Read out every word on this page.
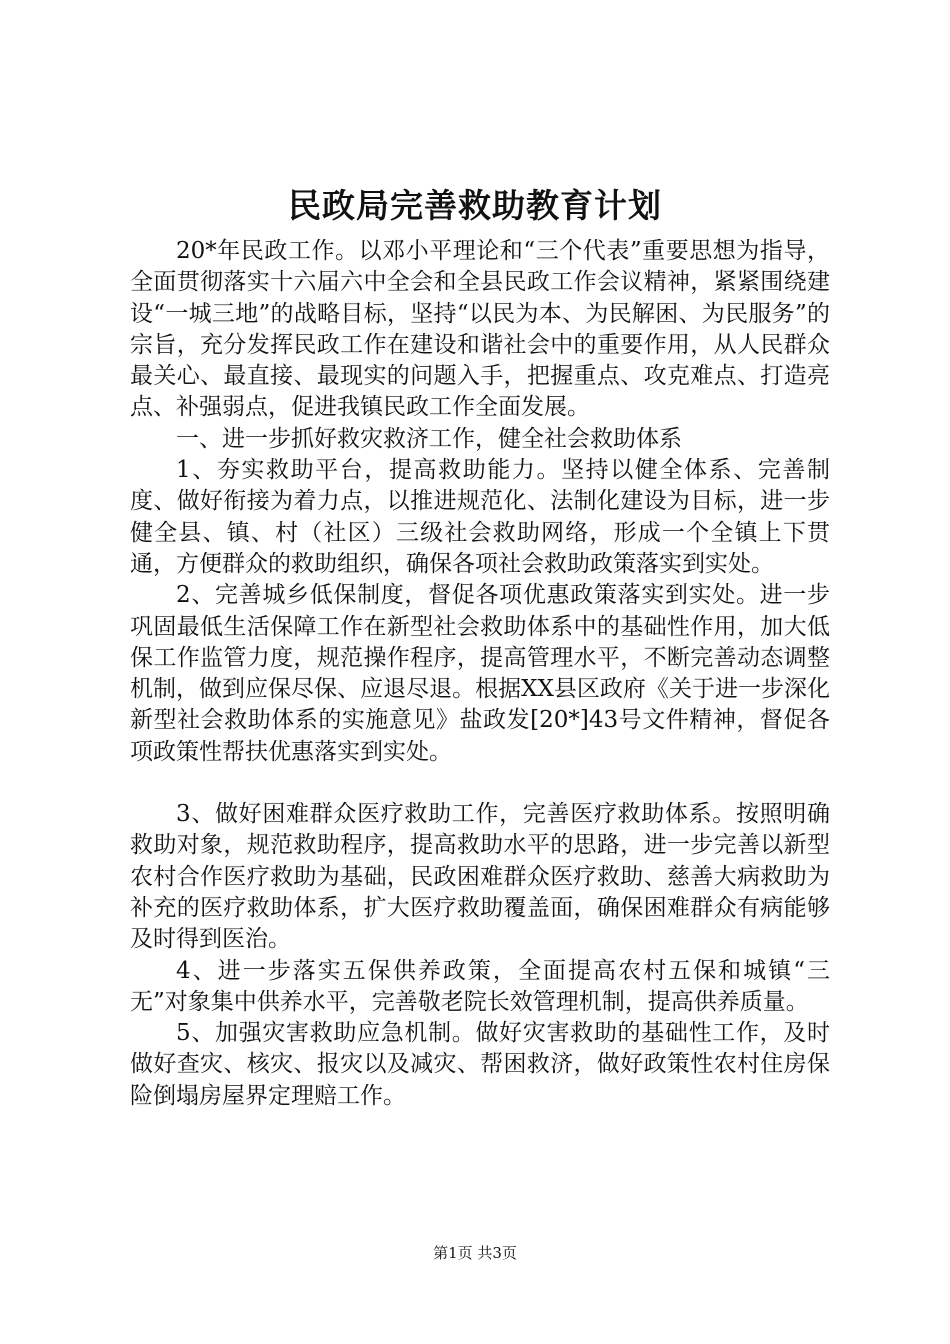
民政局完善救助教育计划

20*年民政工作。以邓小平理论和“三个代表”重要思想为指导，全面贯彻落实十六届六中全会和全县民政工作会议精神，紧紧围绕建设“一城三地”的战略目标，坚持“以民为本、为民解困、为民服务”的宗旨，充分发挥民政工作在建设和谐社会中的重要作用，从人民群众最关心、最直接、最现实的问题入手，把握重点、攻克难点、打造亮点、补强弱点，促进我镇民政工作全面发展。

一、进一步抓好救灾救济工作，健全社会救助体系

1、夯实救助平台，提高救助能力。坚持以健全体系、完善制度、做好衔接为着力点，以推进规范化、法制化建设为目标，进一步健全县、镇、村（社区）三级社会救助网络，形成一个全镇上下贯通，方便群众的救助组织，确保各项社会救助政策落实到实处。

2、完善城乡低保制度，督促各项优惠政策落实到实处。进一步巩固最低生活保障工作在新型社会救助体系中的基础性作用，加大低保工作监管力度，规范操作程序，提高管理水平，不断完善动态调整机制，做到应保尽保、应退尽退。根据XX县区政府《关于进一步深化新型社会救助体系的实施意见》盐政发[20*]43号文件精神，督促各项政策性帮扶优惠落实到实处。

3、做好困难群众医疗救助工作，完善医疗救助体系。按照明确救助对象，规范救助程序，提高救助水平的思路，进一步完善以新型农村合作医疗救助为基础，民政困难群众医疗救助、慈善大病救助为补充的医疗救助体系，扩大医疗救助覆盖面，确保困难群众有病能够及时得到医治。

4、进一步落实五保供养政策，全面提高农村五保和城镇“三无”对象集中供养水平，完善敬老院长效管理机制，提高供养质量。

5、加强灾害救助应急机制。做好灾害救助的基础性工作，及时做好查灾、核灾、报灾以及减灾、帮困救济，做好政策性农村住房保险倒塌房屋界定理赔工作。

第1页 共3页
